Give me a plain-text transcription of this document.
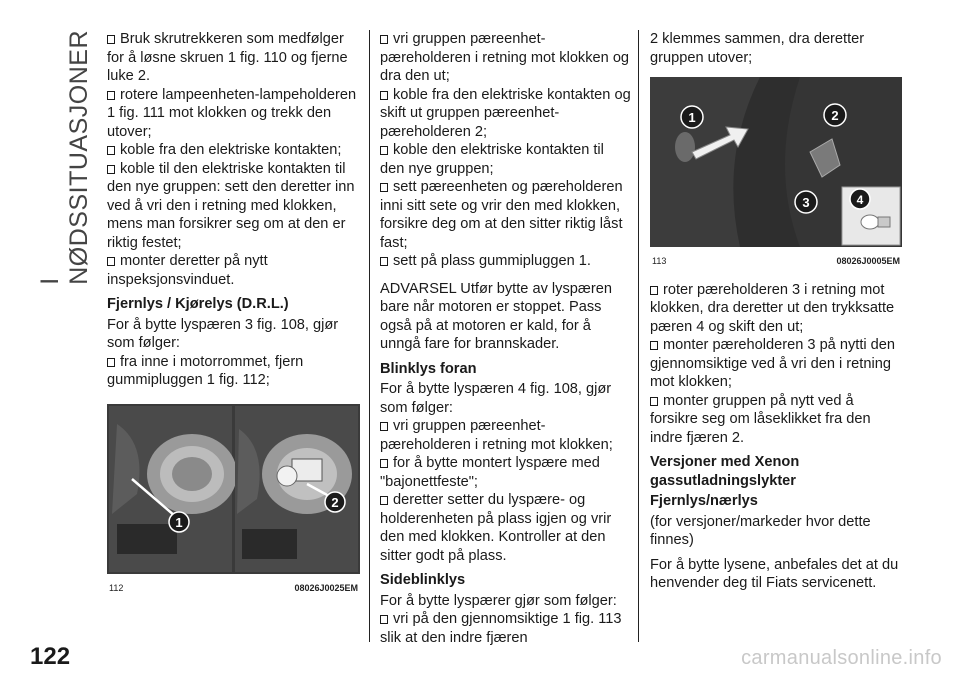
I NØDSSITUASJONER	Bruk skrutrekkeren som medfølger for å løsne skruen 1 fig. 110 og fjerne luke 2.

rotere lampeenheten-lampeholderen 1 fig. 111 mot klokken og trekk den utover;

koble fra den elektriske kontakten;

koble til den elektriske kontakten til den nye gruppen: sett den deretter inn ved å vri den i retning med klokken, mens man forsikrer seg om at den er riktig festet;

monter deretter på nytt inspeksjonsvinduet.

Fjernlys / Kjørelys (D.R.L.)

For å bytte lyspæren 3 fig. 108, gjør som følger:

fra inne i motorrommet, fjern gummipluggen 1 fig. 112;

1
2
112	08026J0025EM

vri gruppen pæreenhet-pæreholderen i retning mot klokken og dra den ut;

koble fra den elektriske kontakten og skift ut gruppen pæreenhet-pæreholderen 2;

koble den elektriske kontakten til den nye gruppen;

sett pæreenheten og pæreholderen inni sitt sete og vrir den med klokken, forsikre deg om at den sitter riktig låst fast;

sett på plass gummipluggen 1.

ADVARSEL Utfør bytte av lyspæren bare når motoren er stoppet. Pass også på at motoren er kald, for å unngå fare for brannskader.

Blinklys foran

For å bytte lyspæren 4 fig. 108, gjør som følger:

vri gruppen pæreenhet-pæreholderen i retning mot klokken;

for å bytte montert lyspære med "bajonettfeste";

deretter setter du lyspære- og holderenheten på plass igjen og vrir den med klokken. Kontroller at den sitter godt på plass.

Sideblinklys

For å bytte lyspærer gjør som følger:

vri på den gjennomsiktige 1 fig. 113 slik at den indre fjæren

2 klemmes sammen, dra deretter gruppen utover;

1	2
3	4
113	08026J0005EM

roter pæreholderen 3 i retning mot klokken, dra deretter ut den trykksatte pæren 4 og skift den ut;

monter pæreholderen 3 på nytti den gjennomsiktige ved å vri den i retning mot klokken;

monter gruppen på nytt ved å forsikre seg om låseklikket fra den indre fjæren 2.

Versjoner med Xenon gassutladningslykter
Fjernlys/nærlys

(for versjoner/markeder hvor dette finnes)

For å bytte lysene, anbefales det at du henvender deg til Fiats servicenett.

122	carmanualsonline.info
